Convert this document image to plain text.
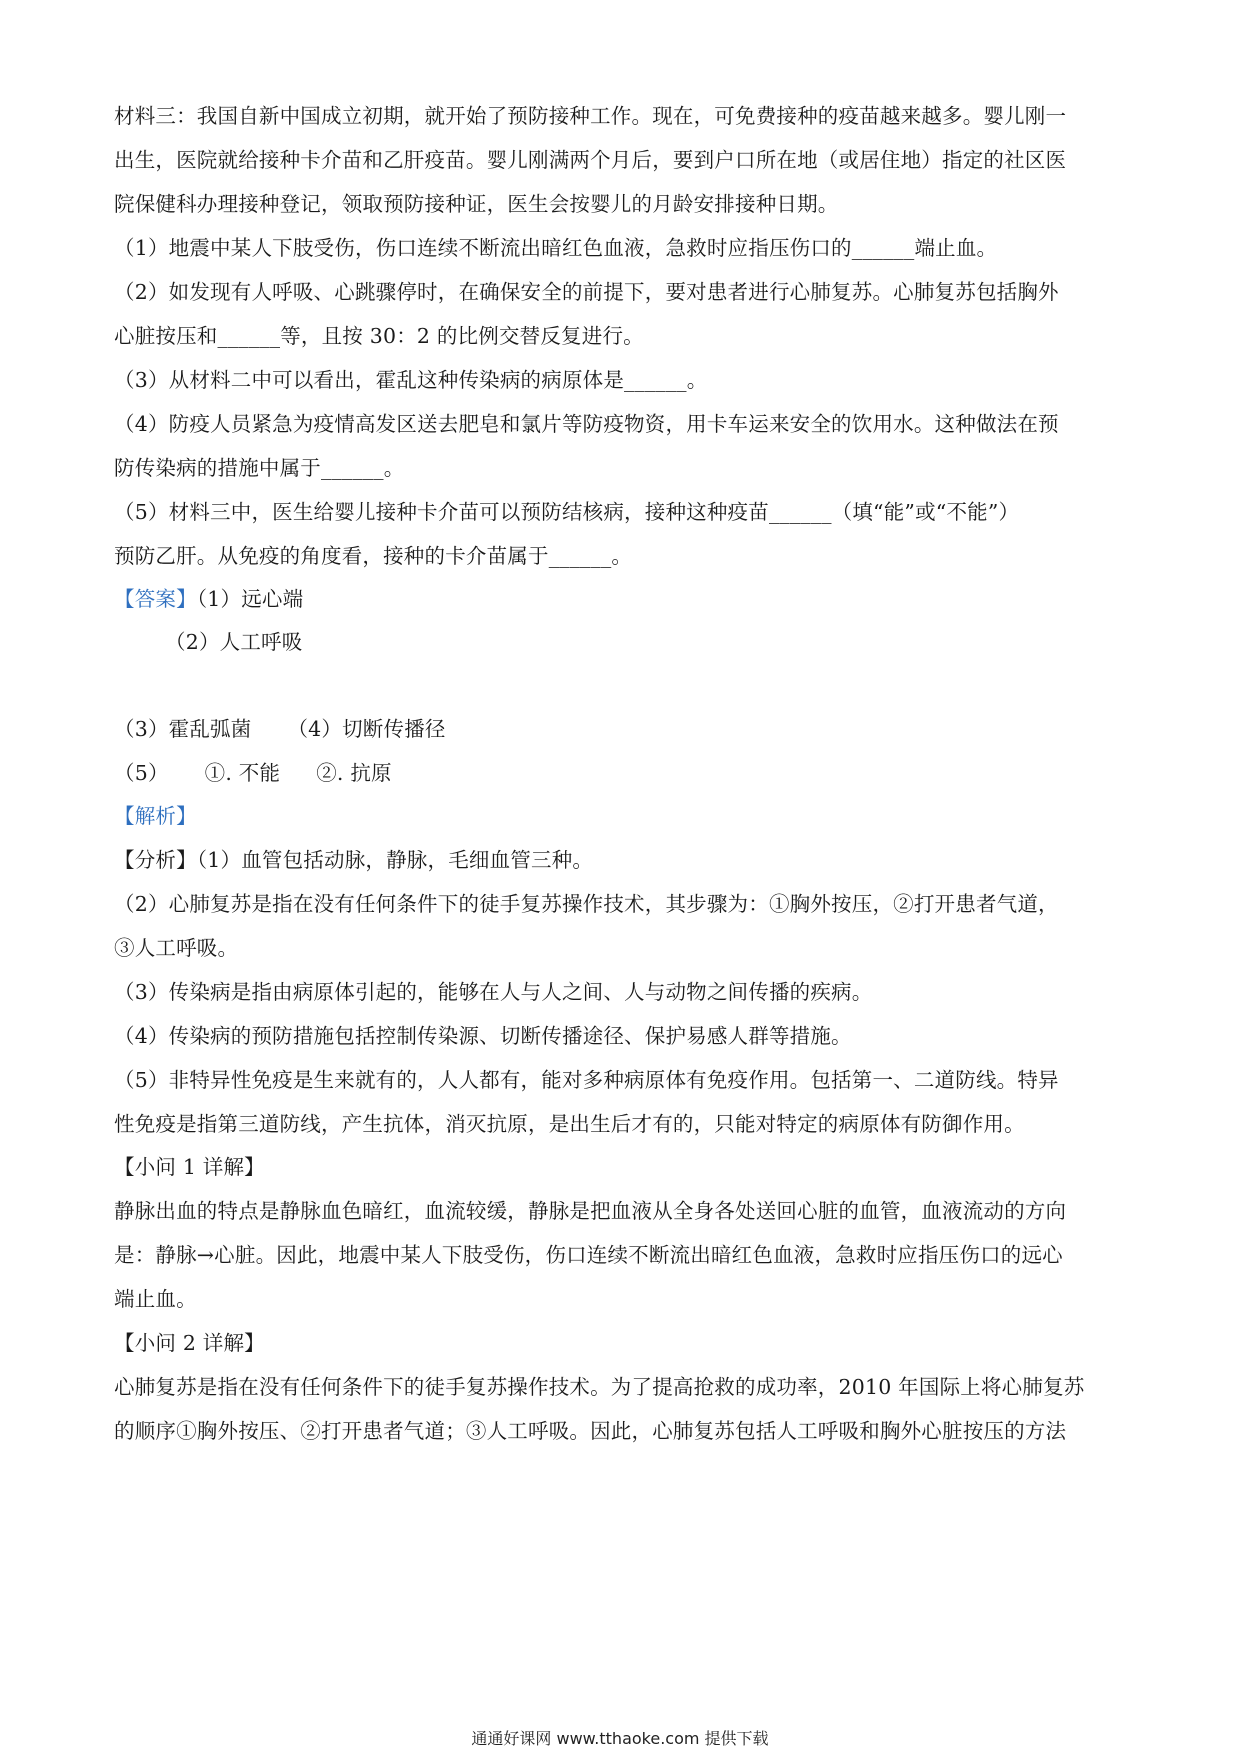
材料三：我国自新中国成立初期，就开始了预防接种工作。现在，可免费接种的疫苗越来越多。婴儿刚一
出生，医院就给接种卡介苗和乙肝疫苗。婴儿刚满两个月后，要到户口所在地（或居住地）指定的社区医
院保健科办理接种登记，领取预防接种证，医生会按婴儿的月龄安排接种日期。
（1）地震中某人下肢受伤，伤口连续不断流出暗红色血液，急救时应指压伤口的______端止血。
（2）如发现有人呼吸、心跳骤停时，在确保安全的前提下，要对患者进行心肺复苏。心肺复苏包括胸外
心脏按压和______等，且按 30：2 的比例交替反复进行。
（3）从材料二中可以看出，霍乱这种传染病的病原体是______。
（4）防疫人员紧急为疫情高发区送去肥皂和氯片等防疫物资，用卡车运来安全的饮用水。这种做法在预
防传染病的措施中属于______。
（5）材料三中，医生给婴儿接种卡介苗可以预防结核病，接种这种疫苗______（填“能”或“不能”）
预防乙肝。从免疫的角度看，接种的卡介苗属于______。
【答案】（1）远心端
（2）人工呼吸
（3）霍乱弧菌 （4）切断传播径
（5） ①. 不能 ②. 抗原
【解析】
【分析】（1）血管包括动脉，静脉，毛细血管三种。
（2）心肺复苏是指在没有任何条件下的徒手复苏操作技术，其步骤为：①胸外按压，②打开患者气道，
③人工呼吸。
（3）传染病是指由病原体引起的，能够在人与人之间、人与动物之间传播的疾病。
（4）传染病的预防措施包括控制传染源、切断传播途径、保护易感人群等措施。
（5）非特异性免疫是生来就有的，人人都有，能对多种病原体有免疫作用。包括第一、二道防线。特异
性免疫是指第三道防线，产生抗体，消灭抗原，是出生后才有的，只能对特定的病原体有防御作用。
【小问 1 详解】
静脉出血的特点是静脉血色暗红，血流较缓，静脉是把血液从全身各处送回心脏的血管，血液流动的方向
是：静脉→心脏。因此，地震中某人下肢受伤，伤口连续不断流出暗红色血液，急救时应指压伤口的远心
端止血。
【小问 2 详解】
心肺复苏是指在没有任何条件下的徒手复苏操作技术。为了提高抢救的成功率，2010 年国际上将心肺复苏
的顺序①胸外按压、②打开患者气道；③人工呼吸。因此，心肺复苏包括人工呼吸和胸外心脏按压的方法
通通好课网 www.tthaoke.com 提供下载
